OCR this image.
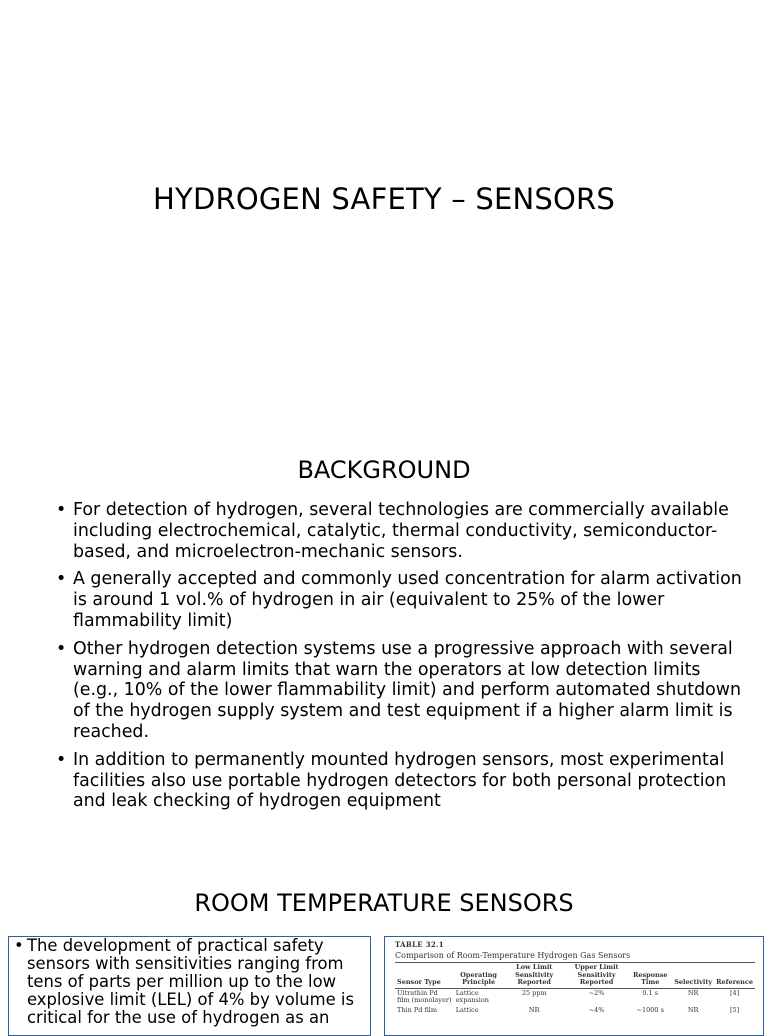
HYDROGEN SAFETY – SENSORS
BACKGROUND
• For detection of hydrogen, several technologies are commercially available including electrochemical, catalytic, thermal conductivity, semiconductor-based, and microelectron-mechanic sensors.
• A generally accepted and commonly used concentration for alarm activation is around 1 vol.% of hydrogen in air (equivalent to 25% of the lower flammability limit)
• Other hydrogen detection systems use a progressive approach with several warning and alarm limits that warn the operators at low detection limits (e.g., 10% of the lower flammability limit) and perform automated shutdown of the hydrogen supply system and test equipment if a higher alarm limit is reached.
• In addition to permanently mounted hydrogen sensors, most experimental facilities also use portable hydrogen detectors for both personal protection and leak checking of hydrogen equipment
ROOM TEMPERATURE SENSORS

• The development of practical safety sensors with sensitivities ranging from tens of parts per million up to the low explosive limit (LEL) of 4% by volume is critical for the use of hydrogen as an

TABLE 32.1
Comparison of Room-Temperature Hydrogen Gas Sensors
Sensor Type	Operating Principle	Low Limit Sensitivity Reported	Upper Limit Sensitivity Reported	Response Time	Selectivity	Reference
Ultrathin Pd film (monolayer)	Lattice expansion	25 ppm	~2%	0.1 s	NR	[4]
Thin Pd film	Lattice	NR	~4%	~1000 s	NR	[5]
